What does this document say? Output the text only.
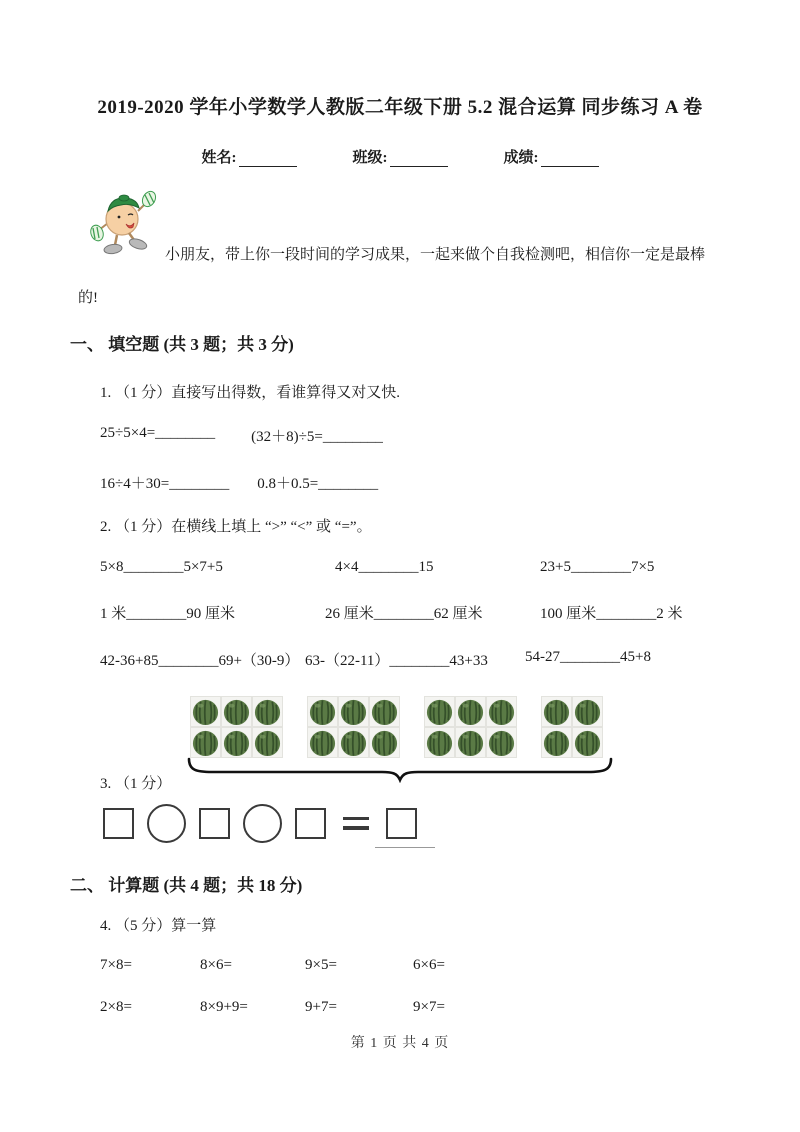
2019-2020 学年小学数学人教版二年级下册 5.2 混合运算 同步练习 A 卷
姓名:	班级:	成绩:
小朋友，带上你一段时间的学习成果，一起来做个自我检测吧，相信你一定是最棒
的!
一、 填空题 (共 3 题；共 3 分)
1. （1 分）直接写出得数，看谁算得又对又快.
25÷5×4=________ (32＋8)÷5=________
16÷4＋30=________ 0.8＋0.5=________
2. （1 分）在横线上填上 “>” “<” 或 “=”。
5×8________5×7+5	4×4________15	23+5________7×5
1 米________90 厘米	26 厘米________62 厘米	100 厘米________2 米
42-36+85________69+（30-9） 63-（22-11）________43+33	54-27________45+8
3. （1 分）
二、 计算题 (共 4 题；共 18 分)
4. （5 分）算一算
7×8=	8×6=	9×5=	6×6=
2×8=	8×9+9=	9+7=	9×7=
第 1 页 共 4 页
